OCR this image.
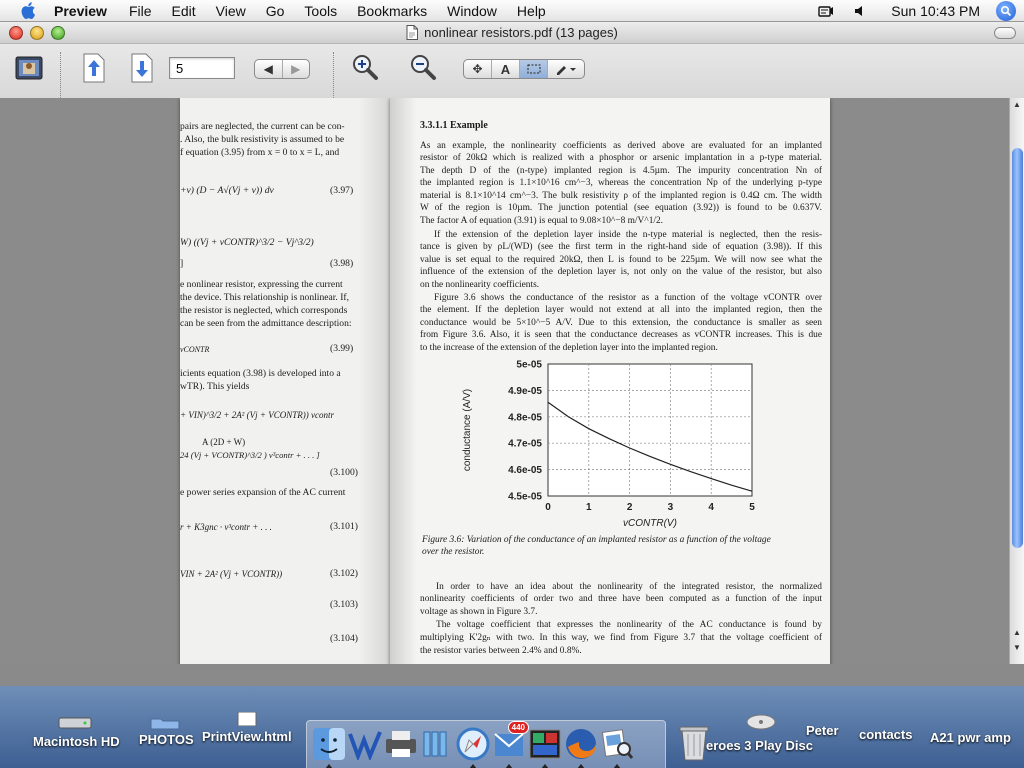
Preview	File	Edit	View	Go	Tools	Bookmarks	Window	Help	Sun 10:43 PM
nonlinear resistors.pdf (13 pages)
5
◀	▶	✥	A
pairs are neglected, the current can be con-
. Also, the bulk resistivity is assumed to be
f equation (3.95) from x = 0 to x = L, and
+v) (D − A√(Vj + v)) dv	(3.97)
W) ((Vj + vCONTR)^3/2 − Vj^3/2)
]	(3.98)
e nonlinear resistor, expressing the current
the device. This relationship is nonlinear. If,
the resistor is neglected, which corresponds
can be seen from the admittance description:
vCONTR	(3.99)
icients equation (3.98) is developed into a
wTR). This yields
+ VIN)^3/2 + 2A² (Vj + VCONTR)) vcontr
A (2D + W)
24 (Vj + VCONTR)^3/2 ) v³contr + . . . ]
(3.100)
e power series expansion of the AC current
r + K3gnc · v³contr + . . .	(3.101)
VIN + 2A² (Vj + VCONTR))	(3.102)
(3.103)
(3.104)
3.3.1.1 Example
As an example, the nonlinearity coefficients as derived above are evaluated for an implanted
resistor of 20kΩ which is realized with a phosphor or arsenic implantation in a p-type material.
The depth D of the (n-type) implanted region is 4.5µm. The impurity concentration Nn of
the implanted region is 1.1×10^16 cm^−3, whereas the concentration Np of the underlying p-type
material is 8.1×10^14 cm^−3. The bulk resistivity ρ of the implanted region is 0.4Ω cm. The width
W of the region is 10µm. The junction potential (see equation (3.92)) is found to be 0.637V.
The factor A of equation (3.91) is equal to 9.08×10^−8 m/V^1/2.
If the extension of the depletion layer inside the n-type material is neglected, then the resis-
tance is given by ρL/(WD) (see the first term in the right-hand side of equation (3.98)). If this
value is set equal to the required 20kΩ, then L is found to be 225µm. We will now see what the
influence of the extension of the depletion layer is, not only on the value of the resistor, but also
on the nonlinearity coefficients.
Figure 3.6 shows the conductance of the resistor as a function of the voltage vCONTR over
the element. If the depletion layer would not extend at all into the implanted region, then the
conductance would be 5×10^−5 A/V. Due to this extension, the conductance is smaller as seen
from Figure 3.6. Also, it is seen that the conductance decreases as vCONTR increases. This is due
to the increase of the extension of the depletion layer into the implanted region.
0	1	2	3	4	5
4.5e-05
4.6e-05
4.7e-05
4.8e-05
4.9e-05
5e-05
vCONTR(V)
conductance (A/V)
Figure 3.6: Variation of the conductance of an implanted resistor as a function of the voltage
over the resistor.
In order to have an idea about the nonlinearity of the integrated resistor, the normalized
nonlinearity coefficients of order two and three have been computed as a function of the input
voltage as shown in Figure 3.7.
The voltage coefficient that expresses the nonlinearity of the AC conductance is found by
multiplying K'2gₙ with two. In this way, we find from Figure 3.7 that the voltage coefficient of
the resistor varies between 2.4% and 0.8%.
▲
▲
▼
Macintosh HD PHOTOS PrintView.html
eroes 3 Play Disc
Peter contacts A21 pwr amp
440
